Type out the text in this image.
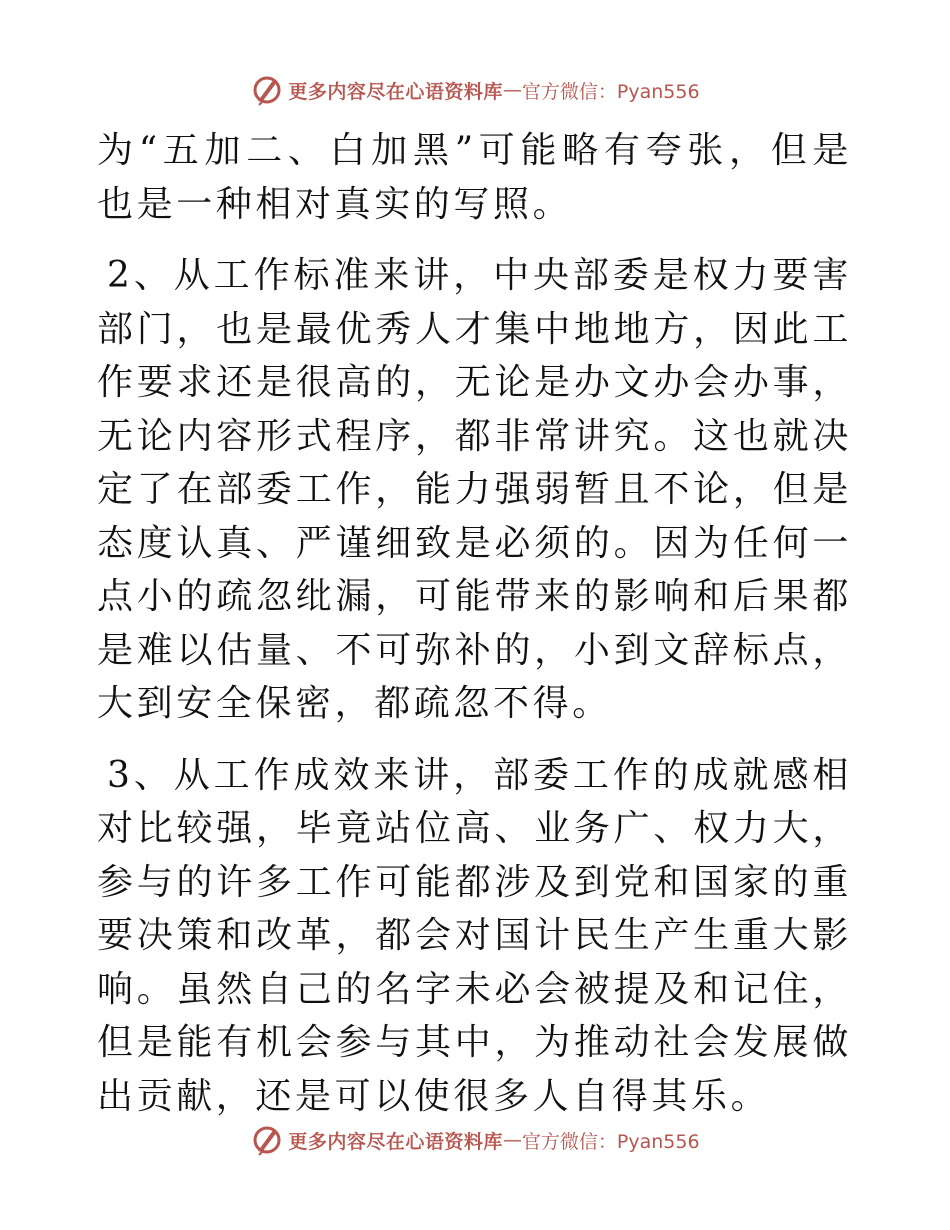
更多内容尽在心语资料库 — 官方微信：Pyan556

为“五加二、白加黑”可能略有夸张，但是也是一种相对真实的写照。

2、从工作标准来讲，中央部委是权力要害部门，也是最优秀人才集中地地方，因此工作要求还是很高的，无论是办文办会办事，无论内容形式程序，都非常讲究。这也就决定了在部委工作，能力强弱暂且不论，但是态度认真、严谨细致是必须的。因为任何一点小的疏忽纰漏，可能带来的影响和后果都是难以估量、不可弥补的，小到文辞标点，大到安全保密，都疏忽不得。

3、从工作成效来讲，部委工作的成就感相对比较强，毕竟站位高、业务广、权力大，参与的许多工作可能都涉及到党和国家的重要决策和改革，都会对国计民生产生重大影响。虽然自己的名字未必会被提及和记住，但是能有机会参与其中，为推动社会发展做出贡献，还是可以使很多人自得其乐。

更多内容尽在心语资料库 — 官方微信：Pyan556
